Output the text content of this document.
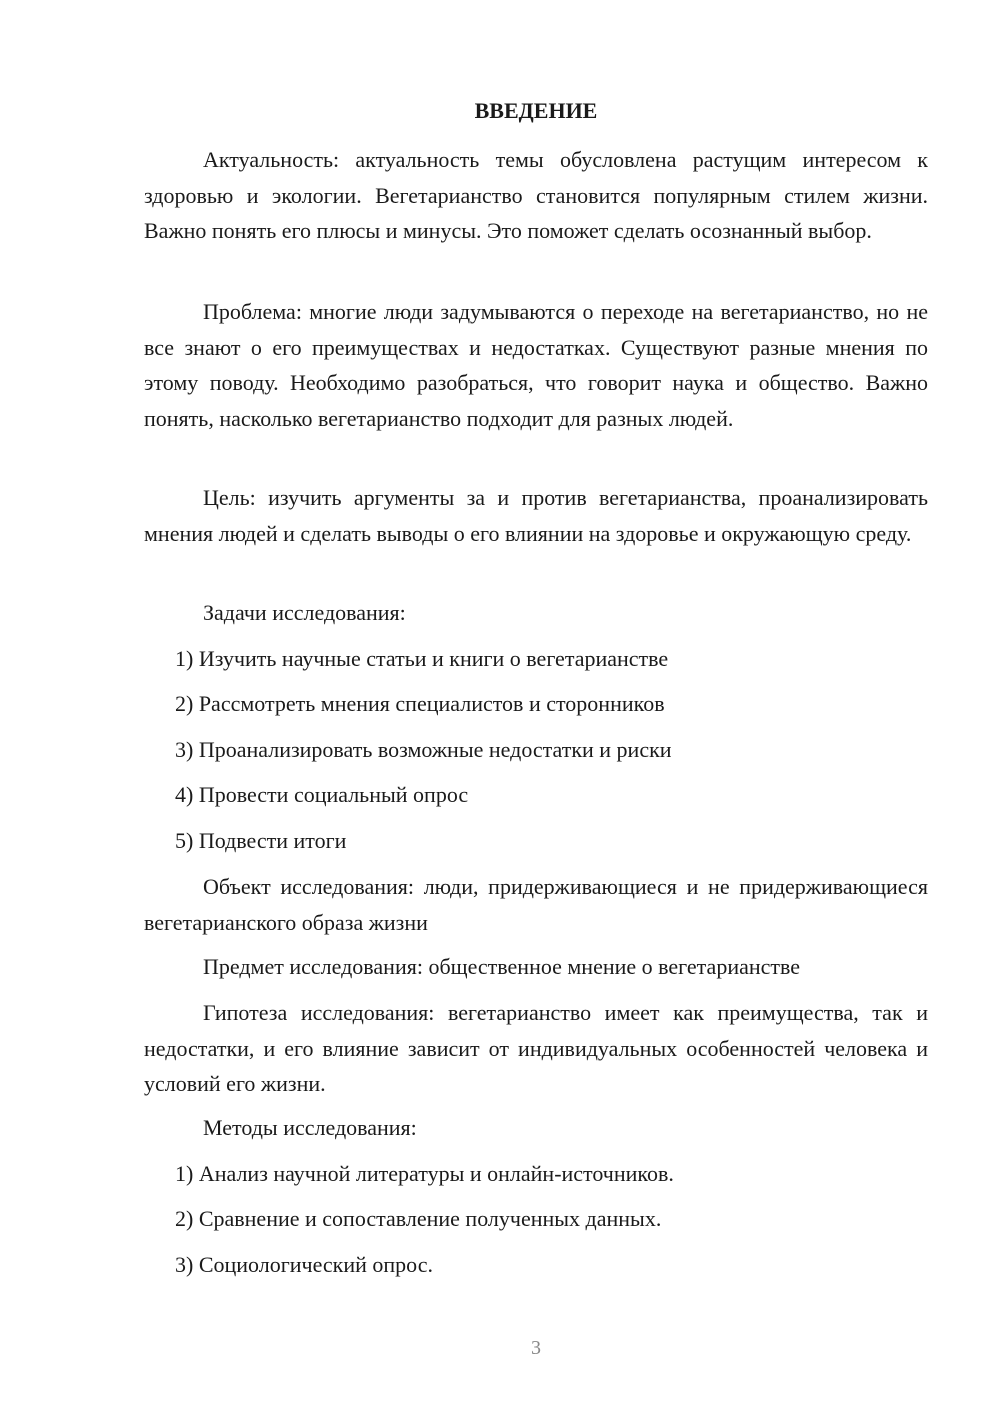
ВВЕДЕНИЕ

Актуальность: актуальность темы обусловлена растущим интересом к здоровью и экологии. Вегетарианство становится популярным стилем жизни. Важно понять его плюсы и минусы. Это поможет сделать осознанный выбор.

Проблема: многие люди задумываются о переходе на вегетарианство, но не все знают о его преимуществах и недостатках. Существуют разные мнения по этому поводу. Необходимо разобраться, что говорит наука и общество. Важно понять, насколько вегетарианство подходит для разных людей.

Цель: изучить аргументы за и против вегетарианства, проанализировать мнения людей и сделать выводы о его влиянии на здоровье и окружающую среду.

Задачи исследования:
1) Изучить научные статьи и книги о вегетарианстве
2) Рассмотреть мнения специалистов и сторонников
3) Проанализировать возможные недостатки и риски
4) Провести социальный опрос
5) Подвести итоги

Объект исследования: люди, придерживающиеся и не придерживающиеся вегетарианского образа жизни

Предмет исследования: общественное мнение о вегетарианстве

Гипотеза исследования: вегетарианство имеет как преимущества, так и недостатки, и его влияние зависит от индивидуальных особенностей человека и условий его жизни.

Методы исследования:
1) Анализ научной литературы и онлайн-источников.
2) Сравнение и сопоставление полученных данных.
3) Социологический опрос.
3
